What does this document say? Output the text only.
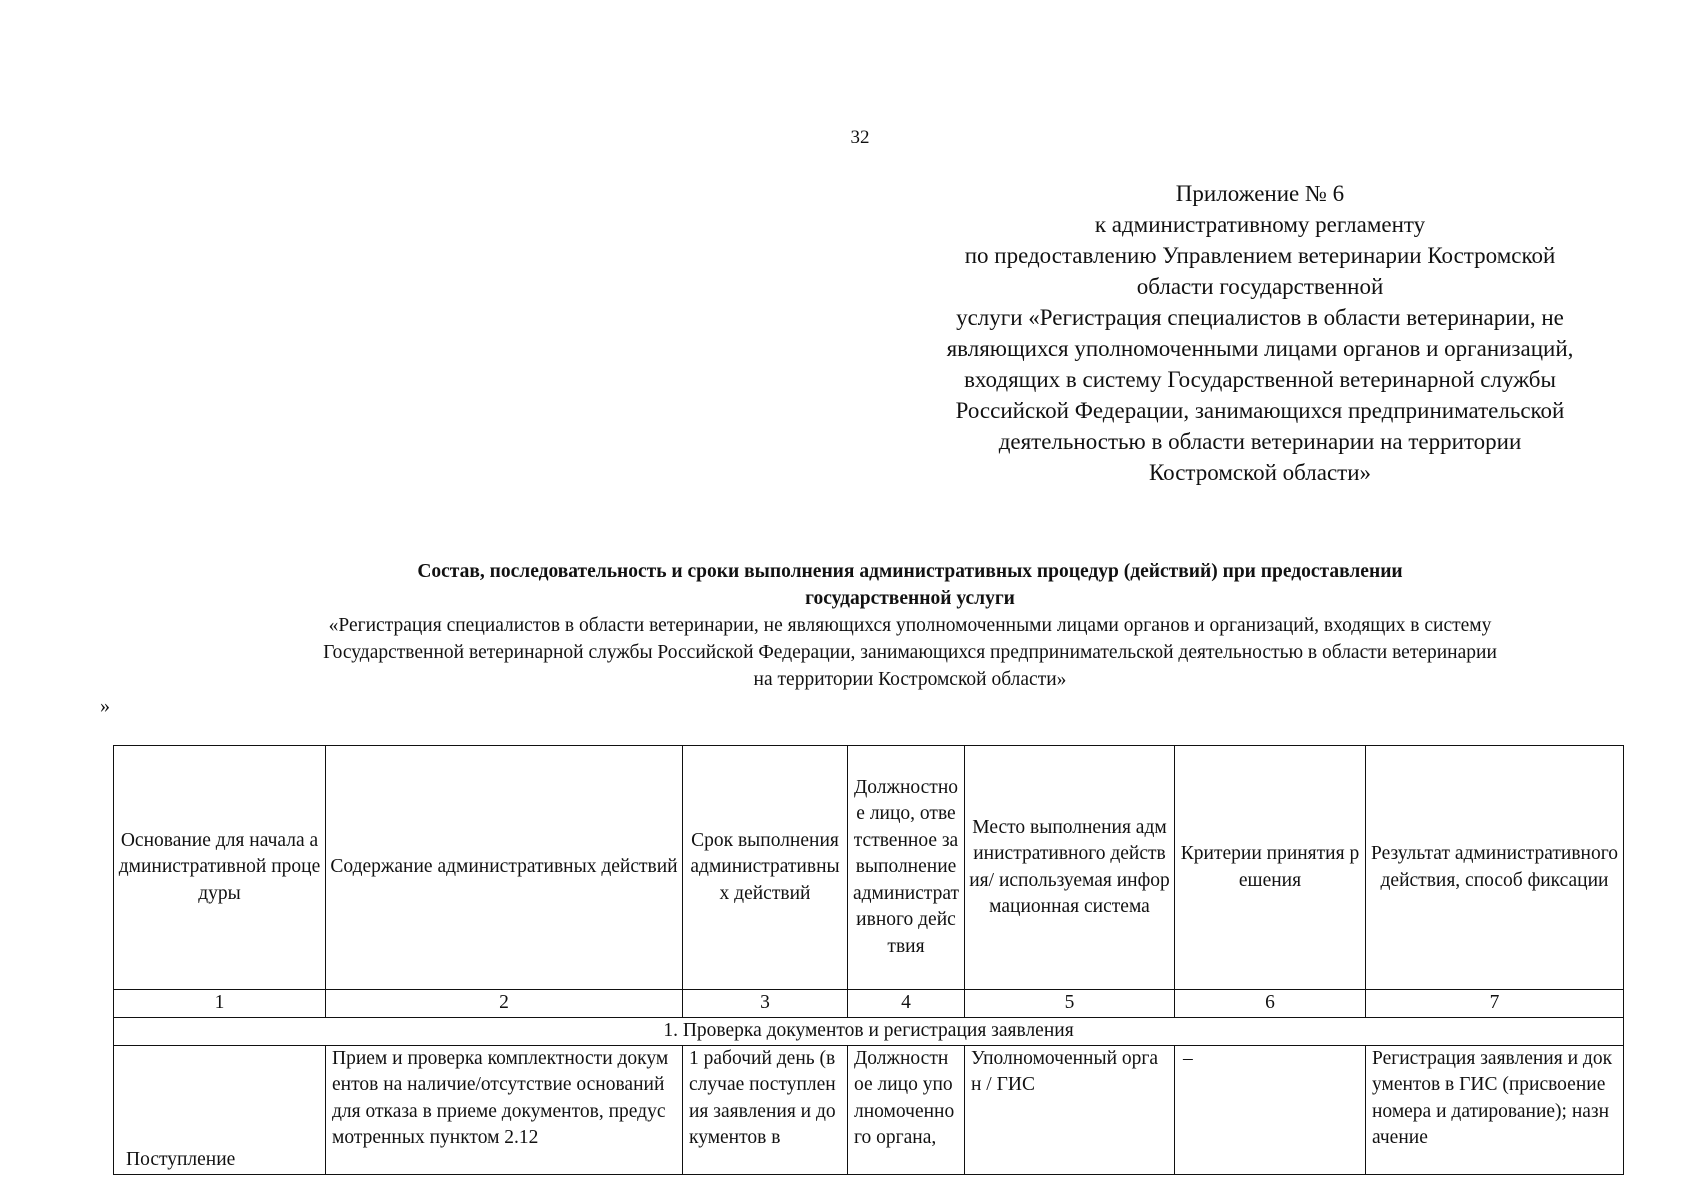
32
Приложение № 6
к административному регламенту
по предоставлению Управлением ветеринарии Костромской
области государственной
услуги «Регистрация специалистов в области ветеринарии, не
являющихся уполномоченными лицами органов и организаций,
входящих в систему Государственной ветеринарной службы
Российской Федерации, занимающихся предпринимательской
деятельностью в области ветеринарии на территории
Костромской области»
Состав, последовательность и сроки выполнения административных процедур (действий) при предоставлении
государственной услуги
«Регистрация специалистов в области ветеринарии, не являющихся уполномоченными лицами органов и организаций, входящих в систему
Государственной ветеринарной службы Российской Федерации, занимающихся предпринимательской деятельностью в области ветеринарии
на территории Костромской области»
»
Основание для начала административной процедуры	Содержание административных действий	Срок выполнения административных действий	Должностное лицо, ответственное за выполнение административного действия	Место выполнения административного действия/ используемая информационная система	Критерии принятия решения	Результат административного действия, способ фиксации
1	2	3	4	5	6	7
1. Проверка документов и регистрация заявления						
Поступление	Прием и проверка комплектности документов на наличие/отсутствие оснований для отказа в приеме документов, предусмотренных пунктом 2.12	1 рабочий день (в случае поступления заявления и документов в	Должностное лицо уполномоченного органа,	Уполномоченный орган / ГИС	–	Регистрация заявления и документов в ГИС (присвоение номера и датирование); назначение
